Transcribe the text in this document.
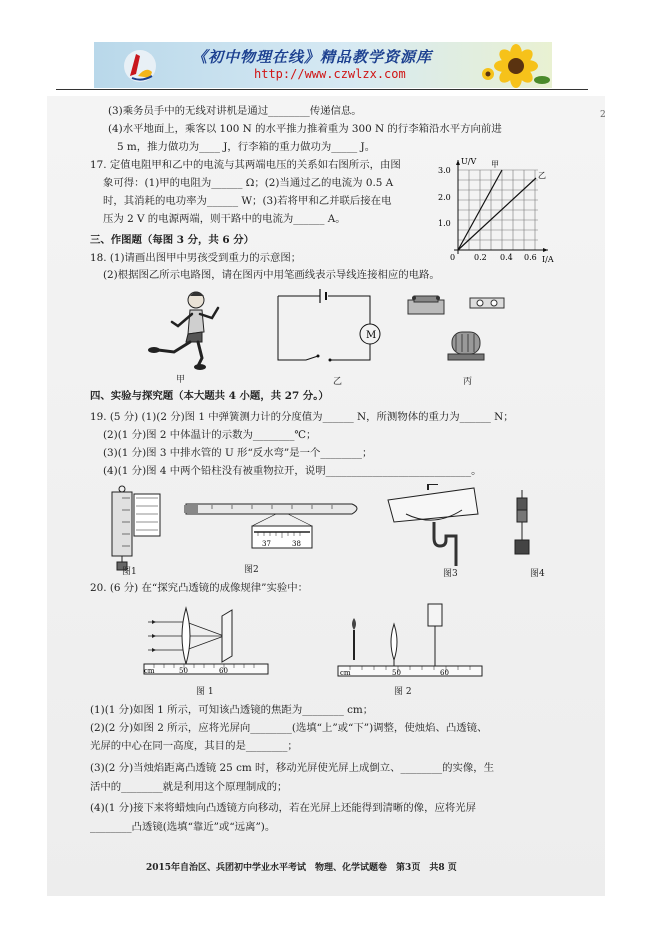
《初中物理在线》精品教学资源库
http://www.czwlzx.com
2
(3)乘务员手中的无线对讲机是通过________传递信息。
(4)水平地面上，乘客以 100 N 的水平推力推着重为 300 N 的行李箱沿水平方向前进
5 m，推力做功为____ J，行李箱的重力做功为_____ J。
17. 定值电阻甲和乙中的电流与其两端电压的关系如右图所示，由图
象可得：(1)甲的电阻为______ Ω；(2)当通过乙的电流为 0.5 A
时，其消耗的电功率为______ W；(3)若将甲和乙并联后接在电
压为 2 V 的电源两端，则干路中的电流为______ A。
U/V
I/A
3.0
2.0
1.0
0 0.2 0.4 0.6
甲
乙
三、作图题（每图 3 分，共 6 分）
18. (1)请画出图甲中男孩受到重力的示意图；
(2)根据图乙所示电路图，请在图丙中用笔画线表示导线连接相应的电路。
甲
M
乙	丙
四、实验与探究题（本大题共 4 小题，共 27 分。）
19. (5 分) (1)(2 分)图 1 中弹簧测力计的分度值为______ N，所测物体的重力为______ N；
(2)(1 分)图 2 中体温计的示数为________℃；
(3)(1 分)图 3 中排水管的 U 形“反水弯”是一个________；
(4)(1 分)图 4 中两个铅柱没有被重物拉开，说明____________________________。
图1
37	38
图2	图3	图4
20. (6 分) 在“探究凸透镜的成像规律”实验中：
cm	50	60
图 1
cm	50	60
图 2
(1)(1 分)如图 1 所示，可知该凸透镜的焦距为________ cm；
(2)(2 分)如图 2 所示，应将光屏向________(选填“上”或“下”)调整，使烛焰、凸透镜、
光屏的中心在同一高度，其目的是________；
(3)(2 分)当烛焰距离凸透镜 25 cm 时，移动光屏使光屏上成倒立、________的实像，生
活中的________就是利用这个原理制成的；
(4)(1 分)接下来将蜡烛向凸透镜方向移动，若在光屏上还能得到清晰的像，应将光屏
________凸透镜(选填“靠近”或“远离”)。
2015年自治区、兵团初中学业水平考试　物理、化学试题卷　第3页　共8 页
